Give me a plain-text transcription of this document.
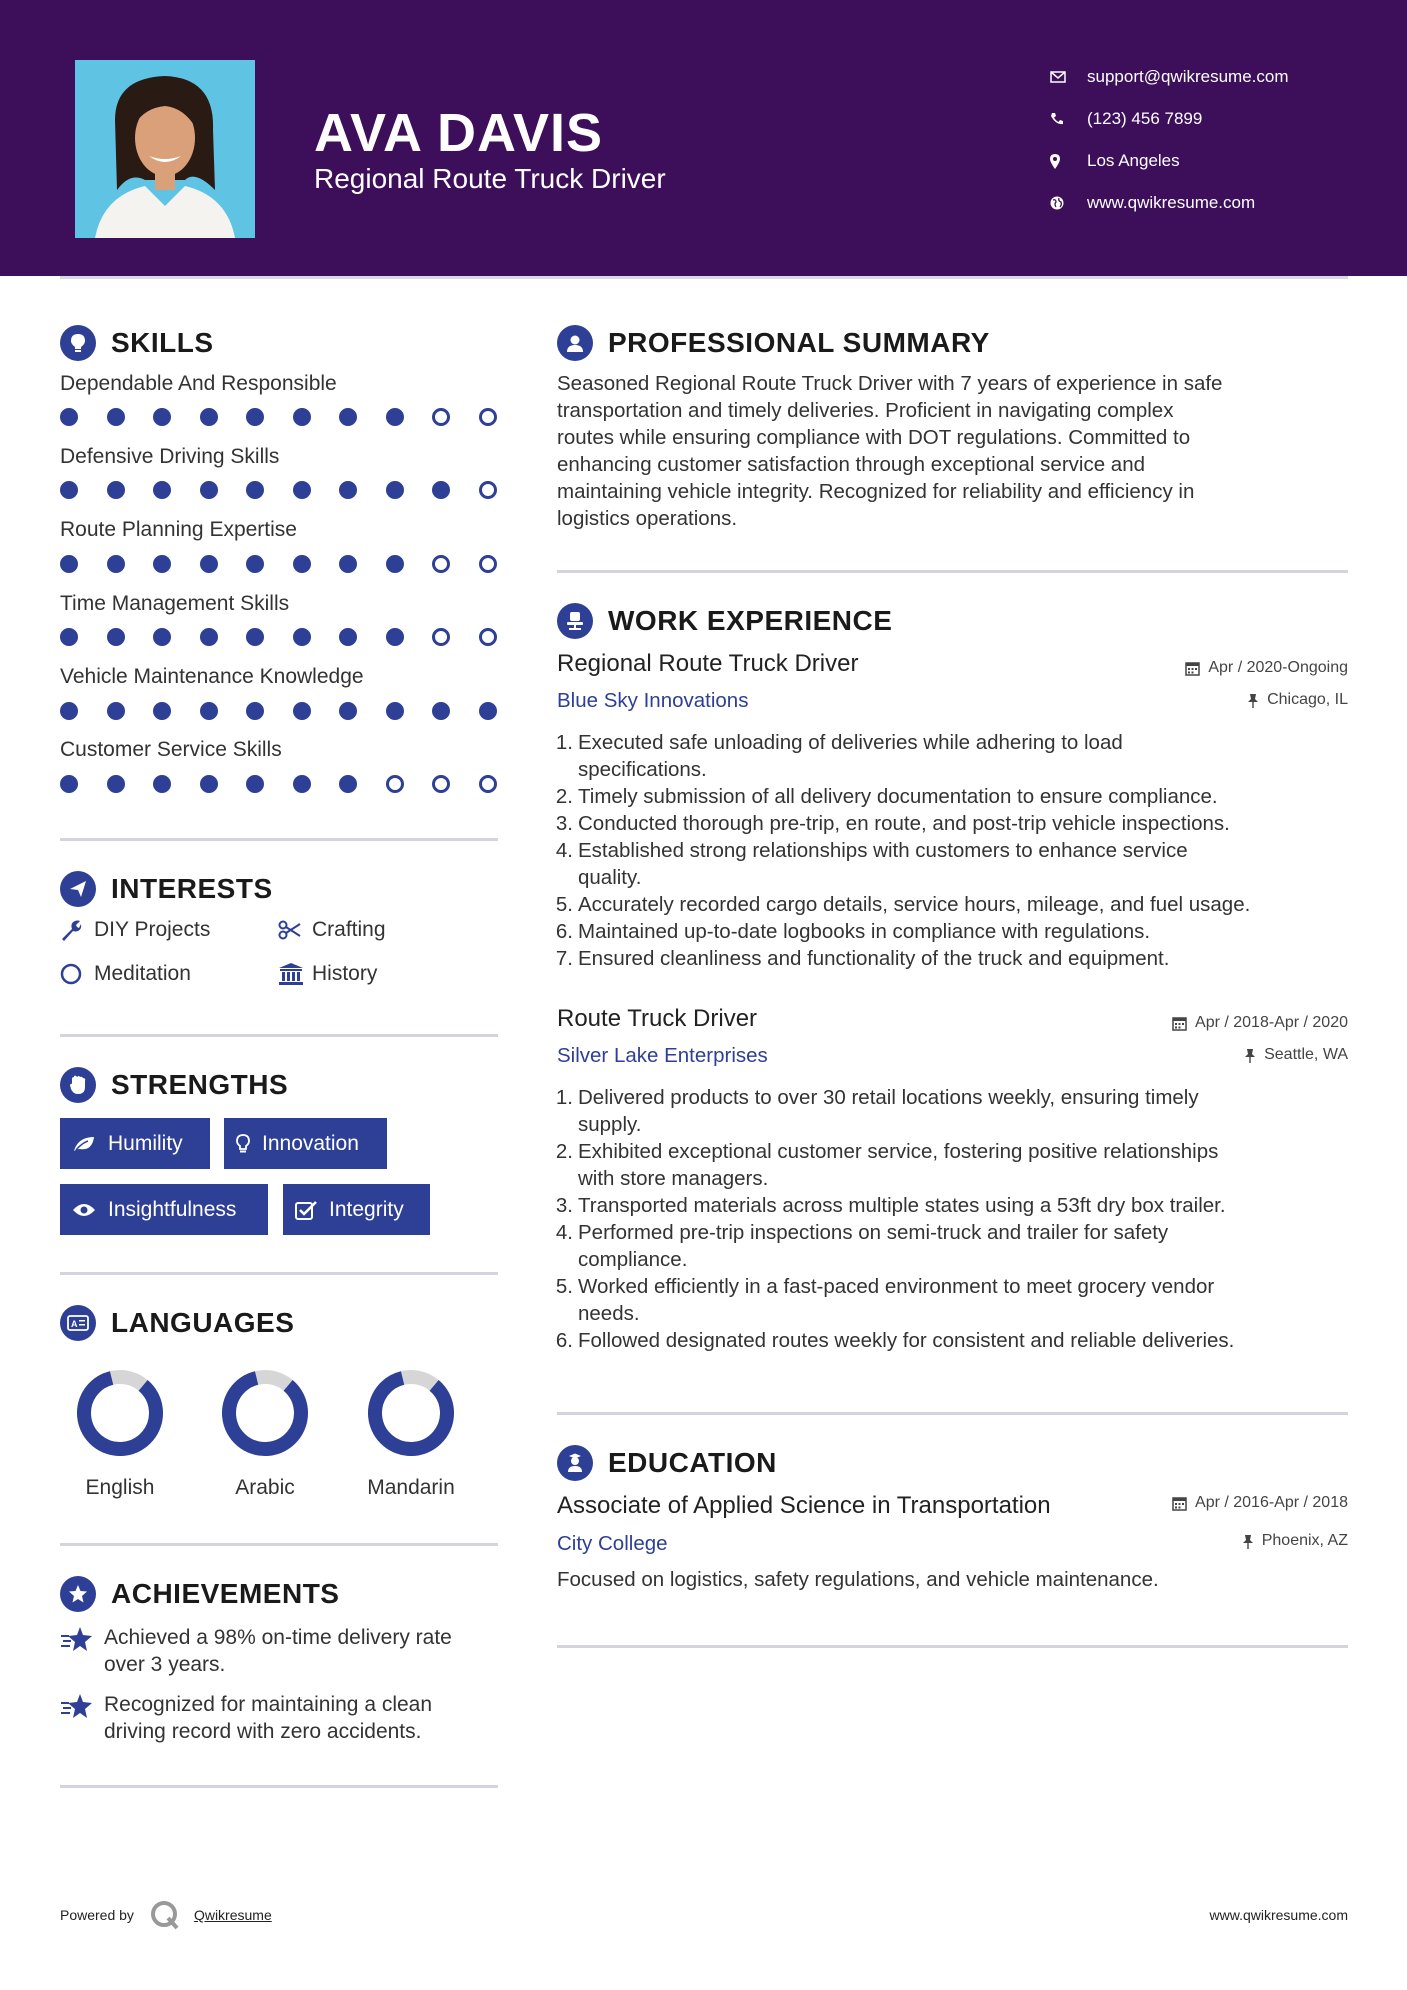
AVA DAVIS
Regional Route Truck Driver
support@qwikresume.com
(123) 456 7899
Los Angeles
www.qwikresume.com
SKILLS
Dependable And Responsible
Defensive Driving Skills
Route Planning Expertise
Time Management Skills
Vehicle Maintenance Knowledge
Customer Service Skills
INTERESTS
DIY Projects	Crafting
Meditation	History
STRENGTHS
Humility	Innovation
Insightfulness	Integrity
A LANGUAGES
English	Arabic	Mandarin
ACHIEVEMENTS
Achieved a 98% on-time delivery rate
over 3 years.
Recognized for maintaining a clean
driving record with zero accidents.
PROFESSIONAL SUMMARY
Seasoned Regional Route Truck Driver with 7 years of experience in safe
transportation and timely deliveries. Proficient in navigating complex
routes while ensuring compliance with DOT regulations. Committed to
enhancing customer satisfaction through exceptional service and
maintaining vehicle integrity. Recognized for reliability and efficiency in
logistics operations.
WORK EXPERIENCE
Regional Route Truck Driver	Apr / 2020-Ongoing
Blue Sky Innovations	Chicago, IL
1. Executed safe unloading of deliveries while adhering to load
specifications.
2. Timely submission of all delivery documentation to ensure compliance.
3. Conducted thorough pre-trip, en route, and post-trip vehicle inspections.
4. Established strong relationships with customers to enhance service
quality.
5. Accurately recorded cargo details, service hours, mileage, and fuel usage.
6. Maintained up-to-date logbooks in compliance with regulations.
7. Ensured cleanliness and functionality of the truck and equipment.
Route Truck Driver	Apr / 2018-Apr / 2020
Silver Lake Enterprises	Seattle, WA
1. Delivered products to over 30 retail locations weekly, ensuring timely
supply.
2. Exhibited exceptional customer service, fostering positive relationships
with store managers.
3. Transported materials across multiple states using a 53ft dry box trailer.
4. Performed pre-trip inspections on semi-truck and trailer for safety
compliance.
5. Worked efficiently in a fast-paced environment to meet grocery vendor
needs.
6. Followed designated routes weekly for consistent and reliable deliveries.
EDUCATION
Associate of Applied Science in Transportation	Apr / 2016-Apr / 2018
City College	Phoenix, AZ
Focused on logistics, safety regulations, and vehicle maintenance.
Powered by	Qwikresume	www.qwikresume.com
